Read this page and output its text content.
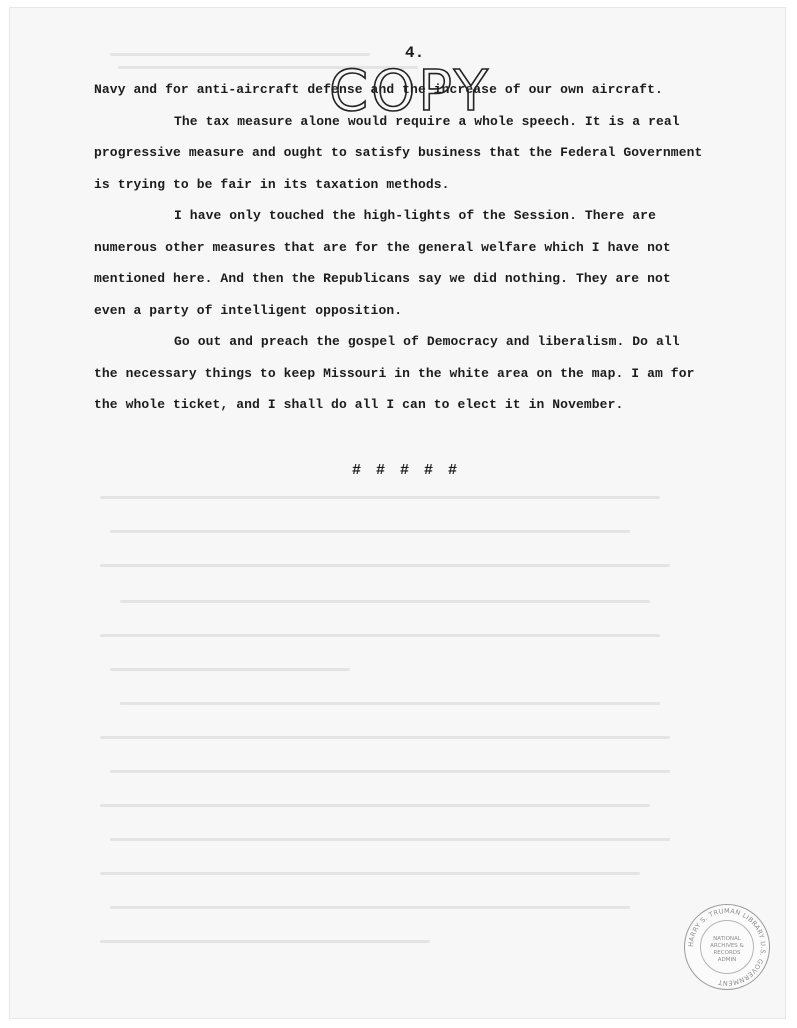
4.

Navy and for anti-aircraft defense and the increase of our own aircraft.

The tax measure alone would require a whole speech. It is a real

progressive measure and ought to satisfy business that the Federal Government

is trying to be fair in its taxation methods.

I have only touched the high-lights of the Session. There are

numerous other measures that are for the general welfare which I have not

mentioned here. And then the Republicans say we did nothing. They are not

even a party of intelligent opposition.

Go out and preach the gospel of Democracy and liberalism. Do all

the necessary things to keep Missouri in the white area on the map. I am for

the whole ticket, and I shall do all I can to elect it in November.

COPY
# # # # #
HARRY S. TRUMAN LIBRARY U.S. GOVERNMENT
NATIONAL
ARCHIVES &
RECORDS
ADMIN
